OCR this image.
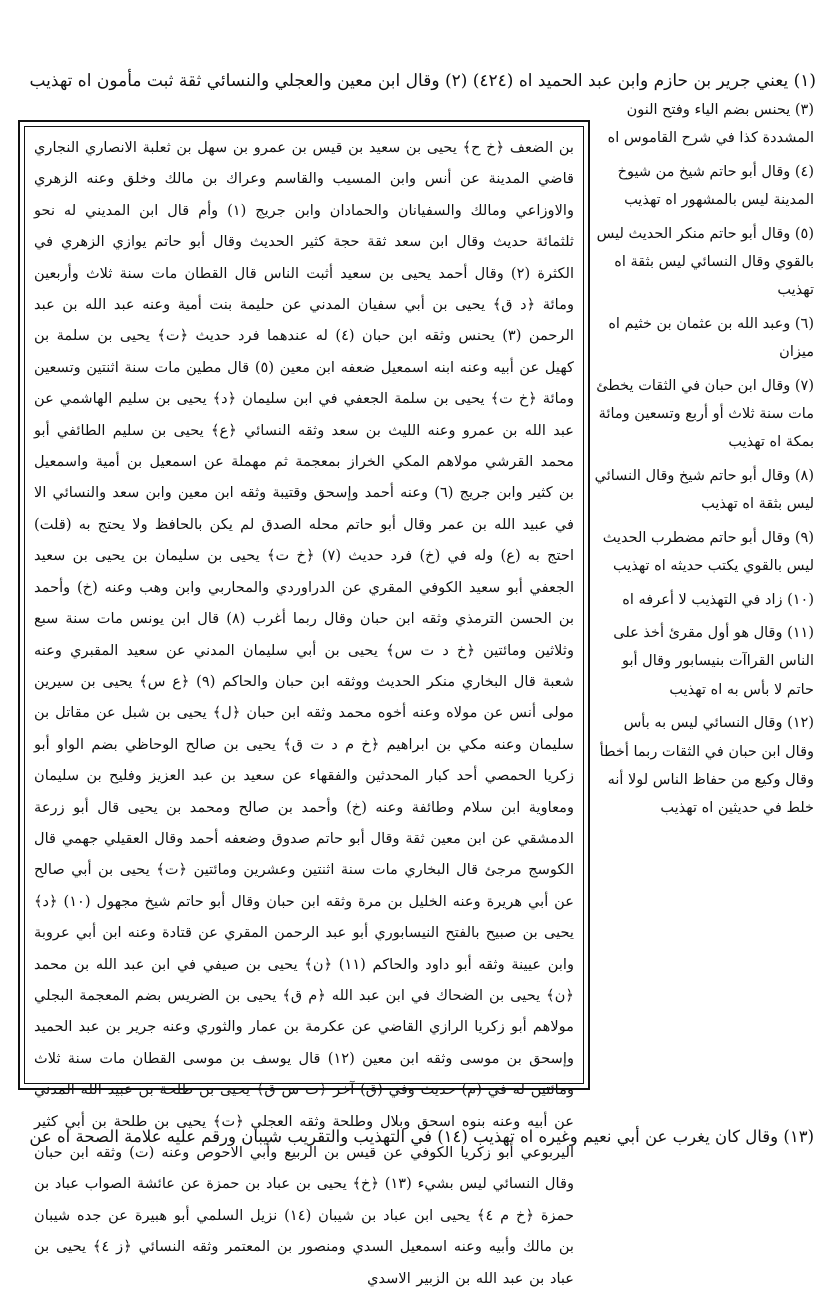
(١) يعني جرير بن حازم وابن عبد الحميد اه (٤٢٤) (٢) وقال ابن معين والعجلي والنسائي ثقة ثبت مأمون اه تهذيب

بن الضعف ﴿خ ح﴾ يحيى بن سعيد بن قيس بن عمرو بن سهل بن ثعلبة الانصاري النجاري قاضي المدينة عن أنس وابن المسيب والقاسم وعراك بن مالك وخلق وعنه الزهري والاوزاعي ومالك والسفيانان والحمادان وابن جريج (١) وأم قال ابن المديني له نحو ثلثمائة حديث وقال ابن سعد ثقة حجة كثير الحديث وقال أبو حاتم يوازي الزهري في الكثرة (٢) وقال أحمد يحيى بن سعيد أثبت الناس قال القطان مات سنة ثلاث وأربعين ومائة ﴿د ق﴾ يحيى بن أبي سفيان المدني عن حليمة بنت أمية وعنه عبد الله بن عبد الرحمن (٣) يحنس وثقه ابن حبان (٤) له عندهما فرد حديث ﴿ت﴾ يحيى بن سلمة بن كهيل عن أبيه وعنه ابنه اسمعيل ضعفه ابن معين (٥) قال مطين مات سنة اثنتين وتسعين ومائة ﴿خ ت﴾ يحيى بن سلمة الجعفي في ابن سليمان ﴿د﴾ يحيى بن سليم الهاشمي عن عبد الله بن عمرو وعنه الليث بن سعد وثقه النسائي ﴿ع﴾ يحيى بن سليم الطائفي أبو محمد القرشي مولاهم المكي الخراز بمعجمة ثم مهملة عن اسمعيل بن أمية واسمعيل بن كثير وابن جريج (٦) وعنه أحمد وإسحق وقتيبة وثقه ابن معين وابن سعد والنسائي الا في عبيد الله بن عمر وقال أبو حاتم محله الصدق لم يكن بالحافظ ولا يحتج به (قلت) احتج به (ع) وله في (خ) فرد حديث (٧) ﴿خ ت﴾ يحيى بن سليمان بن يحيى بن سعيد الجعفي أبو سعيد الكوفي المقري عن الدراوردي والمحاربي وابن وهب وعنه (خ) وأحمد بن الحسن الترمذي وثقه ابن حبان وقال ربما أغرب (٨) قال ابن يونس مات سنة سبع وثلاثين ومائتين ﴿خ د ت س﴾ يحيى بن أبي سليمان المدني عن سعيد المقبري وعنه شعبة قال البخاري منكر الحديث ووثقه ابن حبان والحاكم (٩) ﴿ع س﴾ يحيى بن سيرين مولى أنس عن مولاه وعنه أخوه محمد وثقه ابن حبان ﴿ل﴾ يحيى بن شبل عن مقاتل بن سليمان وعنه مكي بن ابراهيم ﴿خ م د ت ق﴾ يحيى بن صالح الوحاظي بضم الواو أبو زكريا الحمصي أحد كبار المحدثين والفقهاء عن سعيد بن عبد العزيز وفليح بن سليمان ومعاوية ابن سلام وطائفة وعنه (خ) وأحمد بن صالح ومحمد بن يحيى قال أبو زرعة الدمشقي عن ابن معين ثقة وقال أبو حاتم صدوق وضعفه أحمد وقال العقيلي جهمي قال الكوسج مرجئ قال البخاري مات سنة اثنتين وعشرين ومائتين ﴿ت﴾ يحيى بن أبي صالح عن أبي هريرة وعنه الخليل بن مرة وثقه ابن حبان وقال أبو حاتم شيخ مجهول (١٠) ﴿د﴾ يحيى بن صبيح بالفتح النيسابوري أبو عبد الرحمن المقري عن قتادة وعنه ابن أبي عروبة وابن عيينة وثقه أبو داود والحاكم (١١) ﴿ن﴾ يحيى بن صيفي في ابن عبد الله بن محمد ﴿ن﴾ يحيى بن الضحاك في ابن عبد الله ﴿م ق﴾ يحيى بن الضريس بضم المعجمة البجلي مولاهم أبو زكريا الرازي القاضي عن عكرمة بن عمار والثوري وعنه جرير بن عبد الحميد وإسحق بن موسى وثقه ابن معين (١٢) قال يوسف بن موسى القطان مات سنة ثلاث ومائتين له في (م) حديث وفي (ق) آخر ﴿ت س ق﴾ يحيى بن طلحة بن عبيد الله المدني عن أبيه وعنه بنوه اسحق وبلال وطلحة وثقه العجلي ﴿ت﴾ يحيى بن طلحة بن أبي كثير اليربوعي أبو زكريا الكوفي عن قيس بن الربيع وأبي الاحوص وعنه (ت) وثقه ابن حبان وقال النسائي ليس بشيء (١٣) ﴿خ﴾ يحيى بن عباد بن حمزة عن عائشة الصواب عباد بن حمزة ﴿خ م ٤﴾ يحيى ابن عباد بن شيبان (١٤) نزيل السلمي أبو هبيرة عن جده شيبان بن مالك وأبيه وعنه اسمعيل السدي ومنصور بن المعتمر وثقه النسائي ﴿ز ٤﴾ يحيى بن عباد بن عبد الله بن الزبير الاسدي

(٣) يحنس بضم الياء وفتح النون المشددة كذا في شرح القاموس اه

(٤) وقال أبو حاتم شيخ من شيوخ المدينة ليس بالمشهور اه تهذيب

(٥) وقال أبو حاتم منكر الحديث ليس بالقوي وقال النسائي ليس بثقة اه تهذيب

(٦) وعبد الله بن عثمان بن خثيم اه ميزان

(٧) وقال ابن حبان في الثقات يخطئ مات سنة ثلاث أو أربع وتسعين ومائة بمكة اه تهذيب

(٨) وقال أبو حاتم شيخ وقال النسائي ليس بثقة اه تهذيب

(٩) وقال أبو حاتم مضطرب الحديث ليس بالقوي يكتب حديثه اه تهذيب

(١٠) زاد في التهذيب لا أعرفه اه

(١١) وقال هو أول مقرئ أخذ على الناس القراآت بنيسابور وقال أبو حاتم لا بأس به اه تهذيب

(١٢) وقال النسائي ليس به بأس وقال ابن حبان في الثقات ربما أخطأ وقال وكيع من حفاظ الناس لولا أنه خلط في حديثين اه تهذيب

(١٣) وقال كان يغرب عن أبي نعيم وغيره اه تهذيب (١٤) في التهذيب والتقريب شيبان ورقم عليه علامة الصحة اه عن
